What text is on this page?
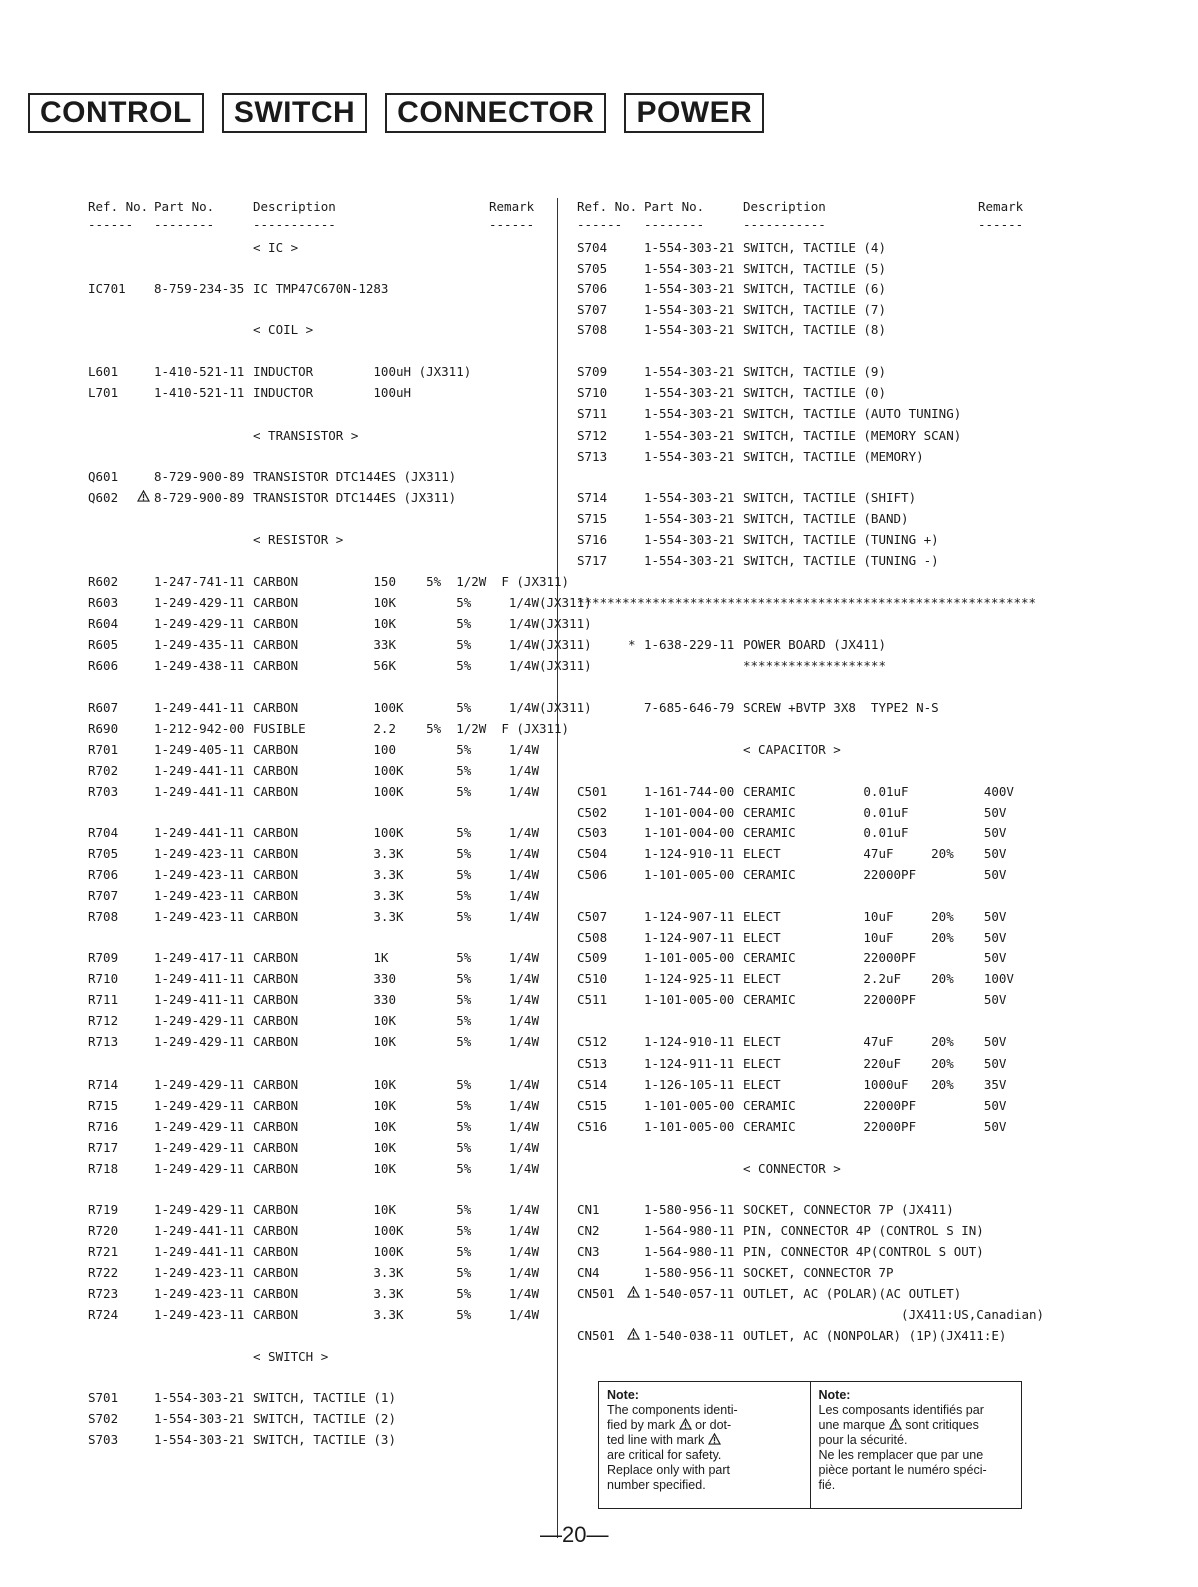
CONTROL	SWITCH	CONNECTOR	POWER
Ref. No. Part No.	Description	Remark
------ --------	-----------	------
Ref. No. Part No.	Description	Remark
------ --------	-----------	------
< IC >
IC701 8-759-234-35 IC TMP47C670N-1283
< COIL >
L601	1-410-521-11 INDUCTOR        100uH (JX311)
L701	1-410-521-11 INDUCTOR        100uH
< TRANSISTOR >
Q601	8-729-900-89 TRANSISTOR DTC144ES (JX311)
Q602	8-729-900-89 TRANSISTOR DTC144ES (JX311)
< RESISTOR >
R602	1-247-741-11 CARBON          150    5%  1/2W  F (JX311)
R603	1-249-429-11 CARBON          10K        5%     1/4W(JX311)
R604	1-249-429-11 CARBON          10K        5%     1/4W(JX311)
R605	1-249-435-11 CARBON          33K        5%     1/4W(JX311)
R606	1-249-438-11 CARBON          56K        5%     1/4W(JX311)
R607	1-249-441-11 CARBON          100K       5%     1/4W(JX311)
R690	1-212-942-00 FUSIBLE         2.2    5%  1/2W  F (JX311)
R701	1-249-405-11 CARBON          100        5%     1/4W
R702	1-249-441-11 CARBON          100K       5%     1/4W
R703	1-249-441-11 CARBON          100K       5%     1/4W
R704	1-249-441-11 CARBON          100K       5%     1/4W
R705	1-249-423-11 CARBON          3.3K       5%     1/4W
R706	1-249-423-11 CARBON          3.3K       5%     1/4W
R707	1-249-423-11 CARBON          3.3K       5%     1/4W
R708	1-249-423-11 CARBON          3.3K       5%     1/4W
R709	1-249-417-11 CARBON          1K         5%     1/4W
R710	1-249-411-11 CARBON          330        5%     1/4W
R711	1-249-411-11 CARBON          330        5%     1/4W
R712	1-249-429-11 CARBON          10K        5%     1/4W
R713	1-249-429-11 CARBON          10K        5%     1/4W
R714	1-249-429-11 CARBON          10K        5%     1/4W
R715	1-249-429-11 CARBON          10K        5%     1/4W
R716	1-249-429-11 CARBON          10K        5%     1/4W
R717	1-249-429-11 CARBON          10K        5%     1/4W
R718	1-249-429-11 CARBON          10K        5%     1/4W
R719	1-249-429-11 CARBON          10K        5%     1/4W
R720	1-249-441-11 CARBON          100K       5%     1/4W
R721	1-249-441-11 CARBON          100K       5%     1/4W
R722	1-249-423-11 CARBON          3.3K       5%     1/4W
R723	1-249-423-11 CARBON          3.3K       5%     1/4W
R724	1-249-423-11 CARBON          3.3K       5%     1/4W
< SWITCH >
S701	1-554-303-21 SWITCH, TACTILE (1)
S702	1-554-303-21 SWITCH, TACTILE (2)
S703	1-554-303-21 SWITCH, TACTILE (3)
S704	1-554-303-21 SWITCH, TACTILE (4)
S705	1-554-303-21 SWITCH, TACTILE (5)
S706	1-554-303-21 SWITCH, TACTILE (6)
S707	1-554-303-21 SWITCH, TACTILE (7)
S708	1-554-303-21 SWITCH, TACTILE (8)
S709	1-554-303-21 SWITCH, TACTILE (9)
S710	1-554-303-21 SWITCH, TACTILE (0)
S711	1-554-303-21 SWITCH, TACTILE (AUTO TUNING)
S712	1-554-303-21 SWITCH, TACTILE (MEMORY SCAN)
S713	1-554-303-21 SWITCH, TACTILE (MEMORY)
S714	1-554-303-21 SWITCH, TACTILE (SHIFT)
S715	1-554-303-21 SWITCH, TACTILE (BAND)
S716	1-554-303-21 SWITCH, TACTILE (TUNING +)
S717	1-554-303-21 SWITCH, TACTILE (TUNING -)
*************************************************************
* 1-638-229-11 POWER BOARD (JX411)
*******************
7-685-646-79 SCREW +BVTP 3X8  TYPE2 N-S
< CAPACITOR >
C501	1-161-744-00 CERAMIC         0.01uF          400V
C502	1-101-004-00 CERAMIC         0.01uF          50V
C503	1-101-004-00 CERAMIC         0.01uF          50V
C504	1-124-910-11 ELECT           47uF     20%    50V
C506	1-101-005-00 CERAMIC         22000PF         50V
C507	1-124-907-11 ELECT           10uF     20%    50V
C508	1-124-907-11 ELECT           10uF     20%    50V
C509	1-101-005-00 CERAMIC         22000PF         50V
C510	1-124-925-11 ELECT           2.2uF    20%    100V
C511	1-101-005-00 CERAMIC         22000PF         50V
C512	1-124-910-11 ELECT           47uF     20%    50V
C513	1-124-911-11 ELECT           220uF    20%    50V
C514	1-126-105-11 ELECT           1000uF   20%    35V
C515	1-101-005-00 CERAMIC         22000PF         50V
C516	1-101-005-00 CERAMIC         22000PF         50V
< CONNECTOR >
CN1	1-580-956-11 SOCKET, CONNECTOR 7P (JX411)
CN2	1-564-980-11 PIN, CONNECTOR 4P (CONTROL S IN)
CN3	1-564-980-11 PIN, CONNECTOR 4P(CONTROL S OUT)
CN4	1-580-956-11 SOCKET, CONNECTOR 7P
CN501 1-540-057-11 OUTLET, AC (POLAR)(AC OUTLET)
(JX411:US,Canadian)
CN501 1-540-038-11 OUTLET, AC (NONPOLAR) (1P)(JX411:E)
Note:
The components identi-
fied by mark or dot-
ted line with mark
are critical for safety.
Replace only with part
number specified.
Note:
Les composants identifiés par
une marque sont critiques
pour la sécurité.
Ne les remplacer que par une
pièce portant le numéro spéci-
fié.
—20—
